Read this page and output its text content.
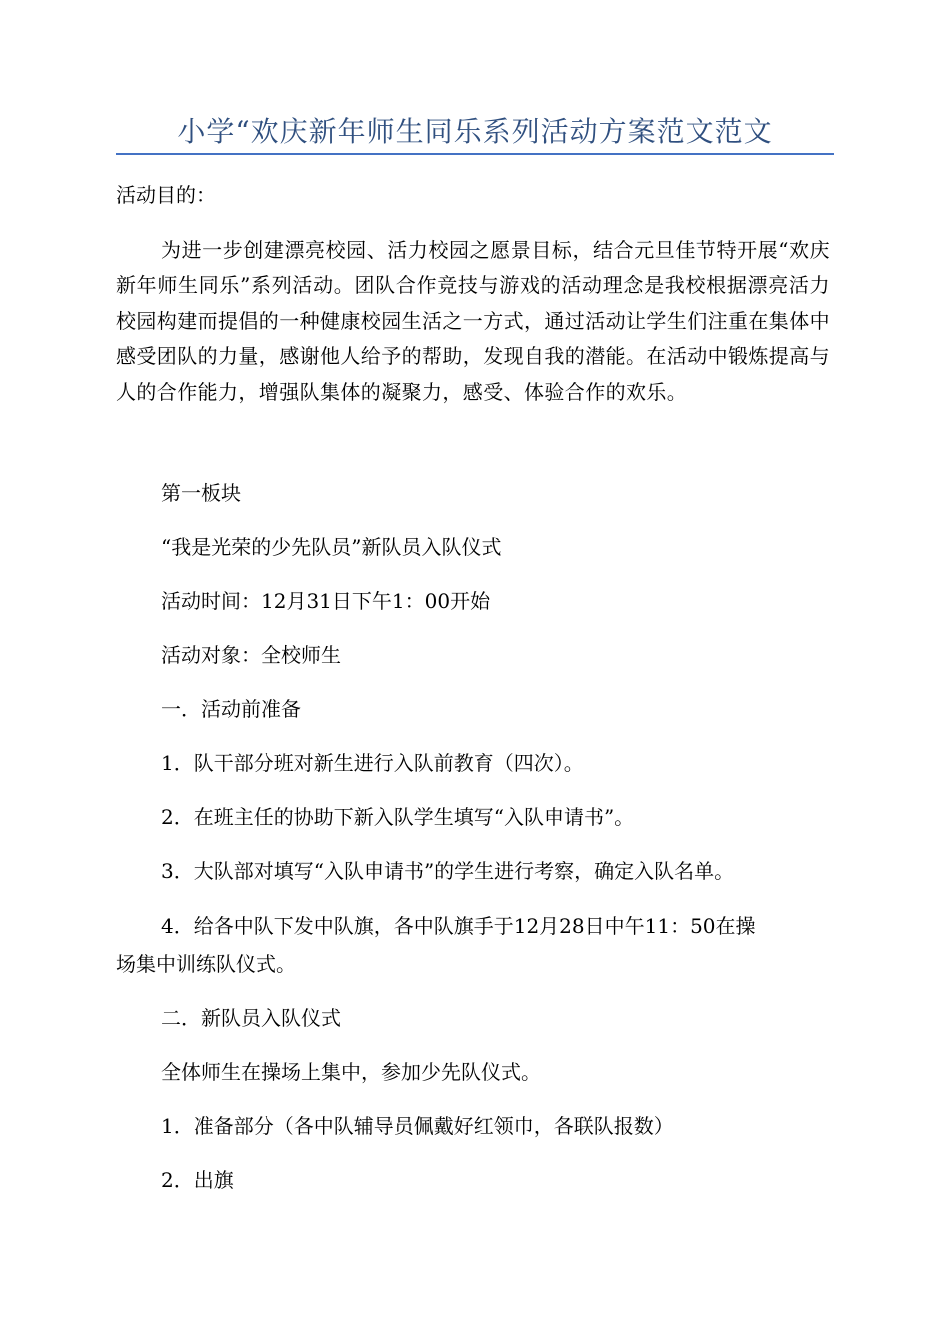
小学“欢庆新年师生同乐系列活动方案范文范文
活动目的：
为进一步创建漂亮校园、活力校园之愿景目标，结合元旦佳节特开展“欢庆新年师生同乐”系列活动。团队合作竞技与游戏的活动理念是我校根据漂亮活力校园构建而提倡的一种健康校园生活之一方式，通过活动让学生们注重在集体中感受团队的力量，感谢他人给予的帮助，发现自我的潜能。在活动中锻炼提高与人的合作能力，增强队集体的凝聚力，感受、体验合作的欢乐。
第一板块
“我是光荣的少先队员”新队员入队仪式
活动时间：12月31日下午1：00开始
活动对象：全校师生
一．活动前准备
1．队干部分班对新生进行入队前教育（四次）。
2．在班主任的协助下新入队学生填写“入队申请书”。
3．大队部对填写“入队申请书”的学生进行考察，确定入队名单。
4．给各中队下发中队旗，各中队旗手于12月28日中午11：50在操
场集中训练队仪式。
二．新队员入队仪式
全体师生在操场上集中，参加少先队仪式。
1．准备部分（各中队辅导员佩戴好红领巾，各联队报数）
2．出旗
